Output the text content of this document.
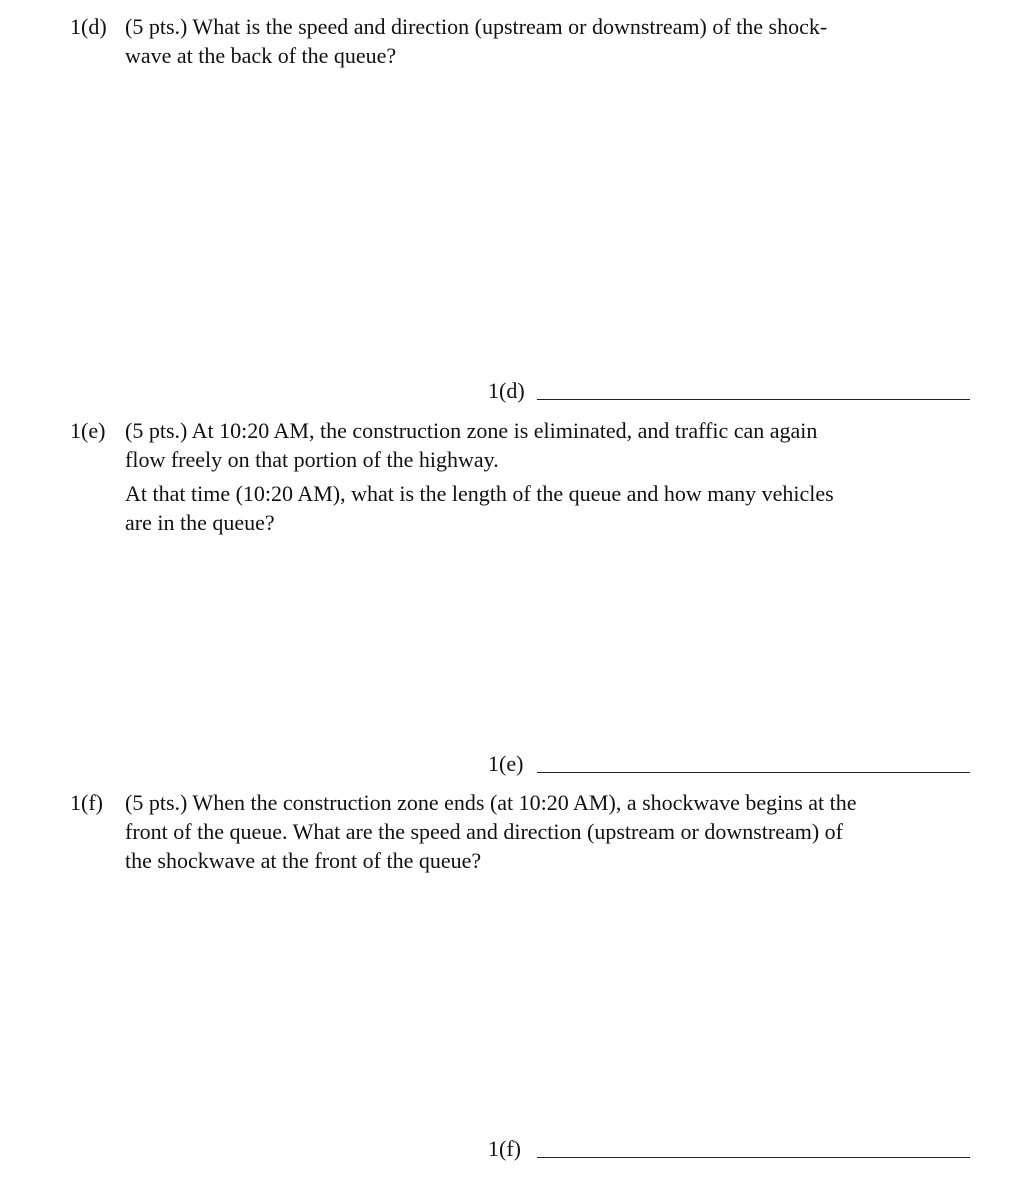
1(d) (5 pts.) What is the speed and direction (upstream or downstream) of the shock-
wave at the back of the queue?
1(d)
1(e) (5 pts.) At 10:20 AM, the construction zone is eliminated, and traffic can again
flow freely on that portion of the highway.
At that time (10:20 AM), what is the length of the queue and how many vehicles
are in the queue?
1(e)
1(f) (5 pts.) When the construction zone ends (at 10:20 AM), a shockwave begins at the
front of the queue. What are the speed and direction (upstream or downstream) of
the shockwave at the front of the queue?
1(f)
